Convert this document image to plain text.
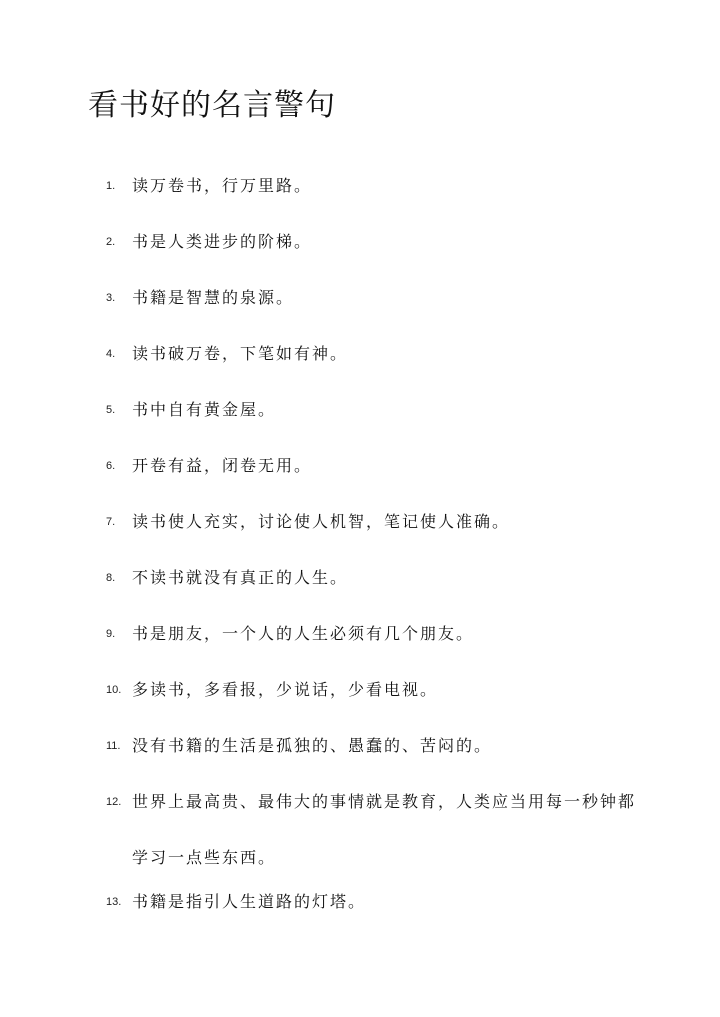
看书好的名言警句
1.	读万卷书，行万里路。
2.	书是人类进步的阶梯。
3.	书籍是智慧的泉源。
4.	读书破万卷，下笔如有神。
5.	书中自有黄金屋。
6.	开卷有益，闭卷无用。
7.	读书使人充实，讨论使人机智，笔记使人准确。
8.	不读书就没有真正的人生。
9.	书是朋友，一个人的人生必须有几个朋友。
10. 多读书，多看报，少说话，少看电视。
11. 没有书籍的生活是孤独的、愚蠢的、苦闷的。
12. 世界上最高贵、最伟大的事情就是教育，人类应当用每一秒钟都学习一点些东西。
13. 书籍是指引人生道路的灯塔。
